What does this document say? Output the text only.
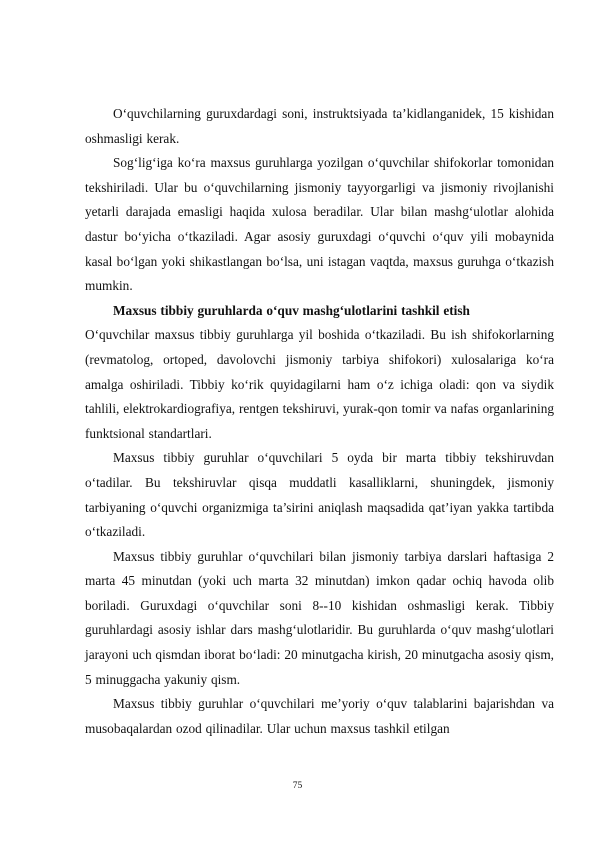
O‘quvchilarning guruxdardagi soni, instruktsiyada ta’kidlanganidek, 15 kishidan oshmasligi kerak.

Sog‘lig‘iga ko‘ra maxsus guruhlarga yozilgan o‘quvchilar shifokorlar tomonidan tekshiriladi. Ular bu o‘quvchilarning jismoniy tayyorgarligi va jismoniy rivojlanishi yetarli darajada emasligi haqida xulosa beradilar. Ular bilan mashg‘ulotlar alohida dastur bo‘yicha o‘tkaziladi. Agar asosiy guruxdagi o‘quvchi o‘quv yili mobaynida kasal bo‘lgan yoki shikastlangan bo‘lsa, uni istagan vaqtda, maxsus guruhga o‘tkazish mumkin.

Maxsus tibbiy guruhlarda o‘quv mashg‘ulotlarini tashkil etish
O‘quvchilar maxsus tibbiy guruhlarga yil boshida o‘tkaziladi. Bu ish shifokorlarning (revmatolog, ortoped, davolovchi jismoniy tarbiya shifokori) xulosalariga ko‘ra amalga oshiriladi. Tibbiy ko‘rik quyidagilarni ham o‘z ichiga oladi: qon va siydik tahlili, elektrokardiografiya, rentgen tekshiruvi, yurak-qon tomir va nafas organlarining funktsional standartlari.

Maxsus tibbiy guruhlar o‘quvchilari 5 oyda bir marta tibbiy tekshiruvdan o‘tadilar. Bu tekshiruvlar qisqa muddatli kasalliklarni, shuningdek, jismoniy tarbiyaning o‘quvchi organizmiga ta’sirini aniqlash maqsadida qat’iyan yakka tartibda o‘tkaziladi.

Maxsus tibbiy guruhlar o‘quvchilari bilan jismoniy tarbiya darslari haftasiga 2 marta 45 minutdan (yoki uch marta 32 minutdan) imkon qadar ochiq havoda olib boriladi. Guruxdagi o‘quvchilar soni 8--10 kishidan oshmasligi kerak. Tibbiy guruhlardagi asosiy ishlar dars mashg‘ulotlaridir. Bu guruhlarda o‘quv mashg‘ulotlari jarayoni uch qismdan iborat bo‘ladi: 20 minutgacha kirish, 20 minutgacha asosiy qism, 5 minuggacha yakuniy qism.

Maxsus tibbiy guruhlar o‘quvchilari me’yoriy o‘quv talablarini bajarishdan va musobaqalardan ozod qilinadilar. Ular uchun maxsus tashkil etilgan

75
